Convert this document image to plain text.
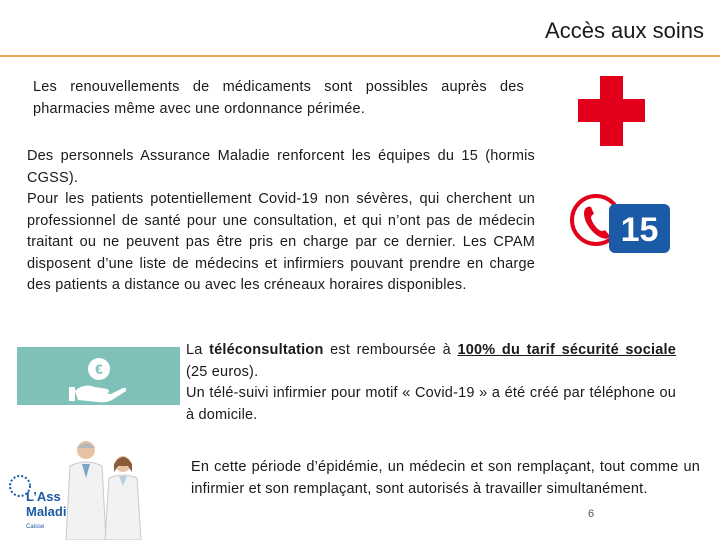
Accès aux soins
Les renouvellements de médicaments sont possibles auprès des pharmacies même avec une ordonnance périmée.
Des personnels Assurance Maladie renforcent les équipes du 15 (hormis CGSS).
Pour les patients potentiellement Covid-19 non sévères, qui cherchent un professionnel de santé pour une consultation, et qui n’ont pas de médecin traitant ou ne peuvent pas être pris en charge par ce dernier. Les CPAM disposent d’une liste de médecins et infirmiers pouvant prendre en charge des patients a distance ou avec les créneaux horaires disponibles.
La téléconsultation est remboursée à 100% du tarif sécurité sociale (25 euros).
Un télé-suivi infirmier pour motif « Covid-19 » a été créé par téléphone ou à domicile.
En cette période d’épidémie, un médecin et son remplaçant, tout comme un infirmier et son remplaçant, sont autorisés à travailler simultanément.
15
€
L’Ass
Maladi
Caisse
6
